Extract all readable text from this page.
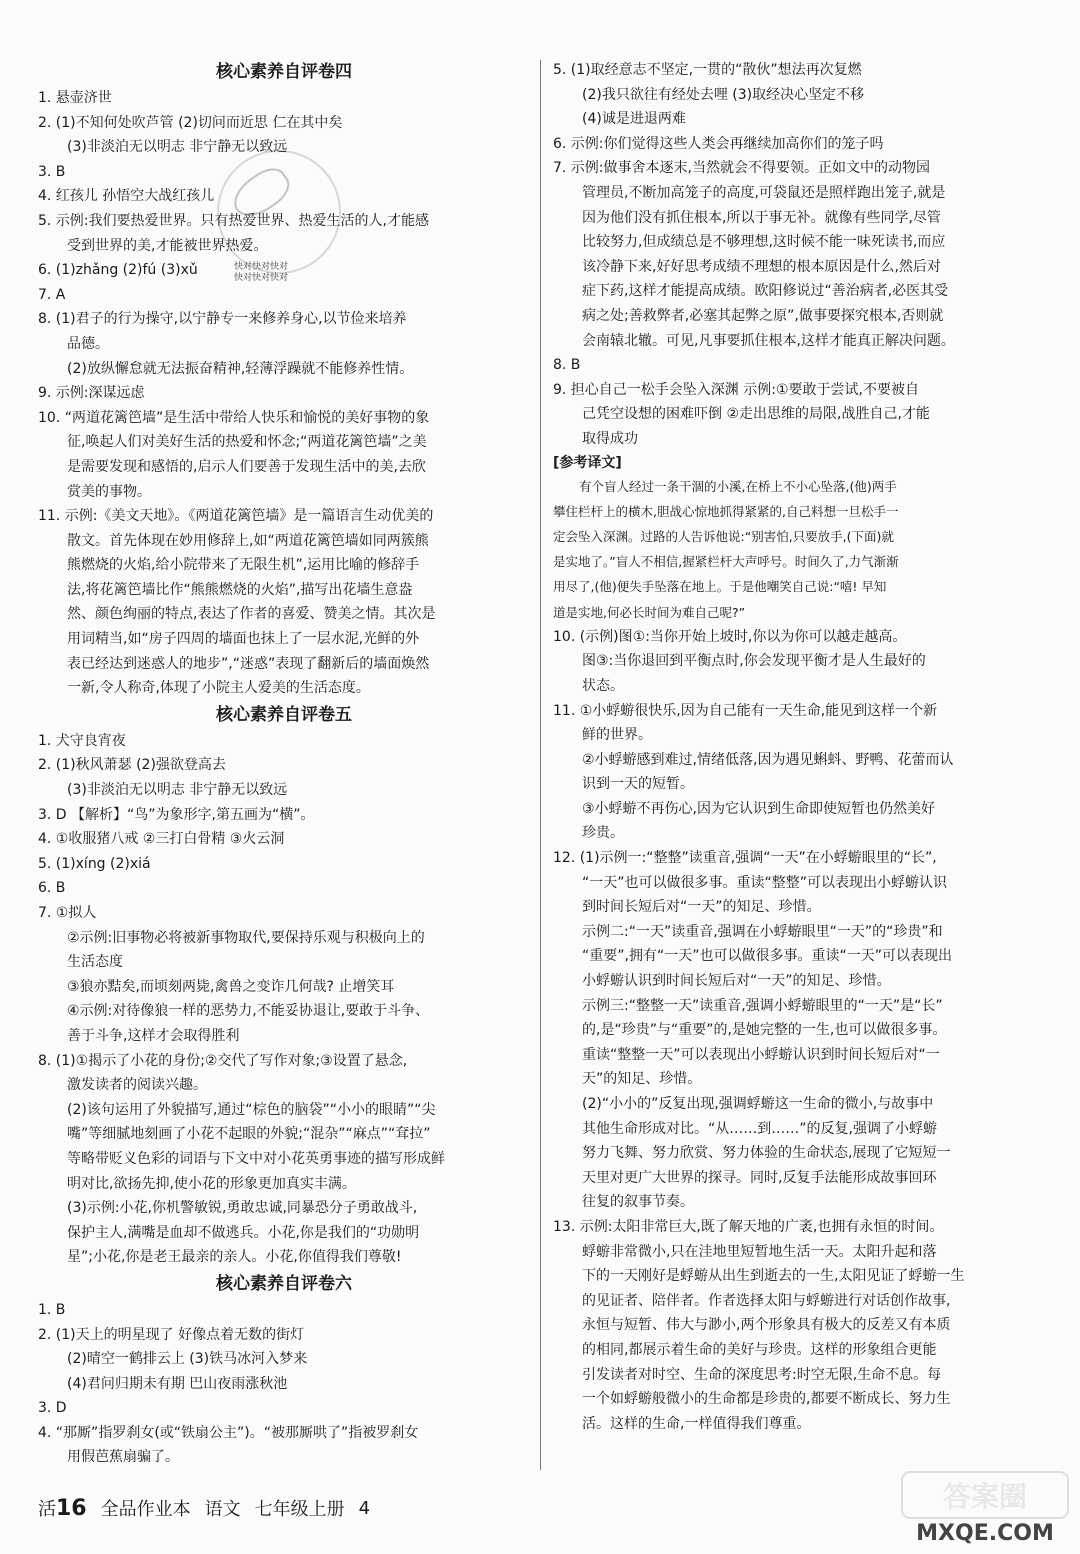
核心素养自评卷四
1. 悬壶济世
2. (1)不知何处吹芦管 (2)切问而近思 仁在其中矣
(3)非淡泊无以明志 非宁静无以致远
3. B
4. 红孩儿 孙悟空大战红孩儿
5. 示例:我们要热爱世界。只有热爱世界、热爱生活的人,才能感
受到世界的美,才能被世界热爱。
6. (1)zhǎng (2)fú (3)xǔ
7. A
8. (1)君子的行为操守,以宁静专一来修养身心,以节俭来培养
品德。
(2)放纵懈怠就无法振奋精神,轻薄浮躁就不能修养性情。
9. 示例:深谋远虑
10. “两道花篱笆墙”是生活中带给人快乐和愉悦的美好事物的象
征,唤起人们对美好生活的热爱和怀念;“两道花篱笆墙”之美
是需要发现和感悟的,启示人们要善于发现生活中的美,去欣
赏美的事物。
11. 示例:《美文天地》。《两道花篱笆墙》是一篇语言生动优美的
散文。首先体现在妙用修辞上,如“两道花篱笆墙如同两簇熊
熊燃烧的火焰,给小院带来了无限生机”,运用比喻的修辞手
法,将花篱笆墙比作“熊熊燃烧的火焰”,描写出花墙生意盎
然、颜色绚丽的特点,表达了作者的喜爱、赞美之情。其次是
用词精当,如“房子四周的墙面也抹上了一层水泥,光鲜的外
表已经达到迷惑人的地步”,“迷惑”表现了翻新后的墙面焕然
一新,令人称奇,体现了小院主人爱美的生活态度。
核心素养自评卷五
1. 犬守良宵夜
2. (1)秋风萧瑟 (2)强欲登高去
(3)非淡泊无以明志 非宁静无以致远
3. D 【解析】“鸟”为象形字,第五画为“横”。
4. ①收服猪八戒 ②三打白骨精 ③火云洞
5. (1)xíng (2)xiá
6. B
7. ①拟人
②示例:旧事物必将被新事物取代,要保持乐观与积极向上的
生活态度
③狼亦黠矣,而顷刻两毙,禽兽之变诈几何哉? 止增笑耳
④示例:对待像狼一样的恶势力,不能妥协退让,要敢于斗争、
善于斗争,这样才会取得胜利
8. (1)①揭示了小花的身份;②交代了写作对象;③设置了悬念,
激发读者的阅读兴趣。
(2)该句运用了外貌描写,通过“棕色的脑袋”“小小的眼睛”“尖
嘴”等细腻地刻画了小花不起眼的外貌;“混杂”“麻点”“耷拉”
等略带贬义色彩的词语与下文中对小花英勇事迹的描写形成鲜
明对比,欲扬先抑,使小花的形象更加真实丰满。
(3)示例:小花,你机警敏锐,勇敢忠诚,同暴恐分子勇敢战斗,
保护主人,满嘴是血却不做逃兵。小花,你是我们的“功勋明
星”;小花,你是老王最亲的亲人。小花,你值得我们尊敬!
核心素养自评卷六
1. B
2. (1)天上的明星现了 好像点着无数的街灯
(2)晴空一鹤排云上 (3)铁马冰河入梦来
(4)君问归期未有期 巴山夜雨涨秋池
3. D
4. “那厮”指罗刹女(或“铁扇公主”)。“被那厮哄了”指被罗刹女
用假芭蕉扇骗了。
5. (1)取经意志不坚定,一贯的“散伙”想法再次复燃
(2)我只欲往有经处去哩 (3)取经决心坚定不移
(4)诚是进退两难
6. 示例:你们觉得这些人类会再继续加高你们的笼子吗
7. 示例:做事舍本逐末,当然就会不得要领。正如文中的动物园
管理员,不断加高笼子的高度,可袋鼠还是照样跑出笼子,就是
因为他们没有抓住根本,所以于事无补。就像有些同学,尽管
比较努力,但成绩总是不够理想,这时候不能一味死读书,而应
该冷静下来,好好思考成绩不理想的根本原因是什么,然后对
症下药,这样才能提高成绩。欧阳修说过“善治病者,必医其受
病之处;善救弊者,必塞其起弊之原”,做事要探究根本,否则就
会南辕北辙。可见,凡事要抓住根本,这样才能真正解决问题。
8. B
9. 担心自己一松手会坠入深渊 示例:①要敢于尝试,不要被自
己凭空设想的困难吓倒 ②走出思维的局限,战胜自己,才能
取得成功
[参考译文]
有个盲人经过一条干涸的小溪,在桥上不小心坠落,(他)两手
攀住栏杆上的横木,胆战心惊地抓得紧紧的,自己料想一旦松手一
定会坠入深渊。过路的人告诉他说:“别害怕,只要放手,(下面)就
是实地了。”盲人不相信,握紧栏杆大声呼号。时间久了,力气渐渐
用尽了,(他)便失手坠落在地上。于是他嘲笑自己说:“嘻! 早知
道是实地,何必长时间为难自己呢?”
10. (示例)图①:当你开始上坡时,你以为你可以越走越高。
图③:当你退回到平衡点时,你会发现平衡才是人生最好的
状态。
11. ①小蜉蝣很快乐,因为自己能有一天生命,能见到这样一个新
鲜的世界。
②小蜉蝣感到难过,情绪低落,因为遇见蝌蚪、野鸭、花蕾而认
识到一天的短暂。
③小蜉蝣不再伤心,因为它认识到生命即使短暂也仍然美好
珍贵。
12. (1)示例一:“整整”读重音,强调“一天”在小蜉蝣眼里的“长”,
“一天”也可以做很多事。重读“整整”可以表现出小蜉蝣认识
到时间长短后对“一天”的知足、珍惜。
示例二:“一天”读重音,强调在小蜉蝣眼里“一天”的“珍贵”和
“重要”,拥有“一天”也可以做很多事。重读“一天”可以表现出
小蜉蝣认识到时间长短后对“一天”的知足、珍惜。
示例三:“整整一天”读重音,强调小蜉蝣眼里的“一天”是“长”
的,是“珍贵”与“重要”的,是她完整的一生,也可以做很多事。
重读“整整一天”可以表现出小蜉蝣认识到时间长短后对“一
天”的知足、珍惜。
(2)“小小的”反复出现,强调蜉蝣这一生命的微小,与故事中
其他生命形成对比。“从……到……”的反复,强调了小蜉蝣
努力飞舞、努力欣赏、努力体验的生命状态,展现了它短短一
天里对更广大世界的探寻。同时,反复手法能形成故事回环
往复的叙事节奏。
13. 示例:太阳非常巨大,既了解天地的广袤,也拥有永恒的时间。
蜉蝣非常微小,只在洼地里短暂地生活一天。太阳升起和落
下的一天刚好是蜉蝣从出生到逝去的一生,太阳见证了蜉蝣一生
的见证者、陪伴者。作者选择太阳与蜉蝣进行对话创作故事,
永恒与短暂、伟大与渺小,两个形象具有极大的反差又有本质
的相同,都展示着生命的美好与珍贵。这样的形象组合更能
引发读者对时空、生命的深度思考:时空无限,生命不息。每
一个如蜉蝣般微小的生命都是珍贵的,都要不断成长、努力生
活。这样的生命,一样值得我们尊重。
快对快对快对
快对快对快对
答案圈
MXQE.COM
活16 全品作业本 语文 七年级上册 4
